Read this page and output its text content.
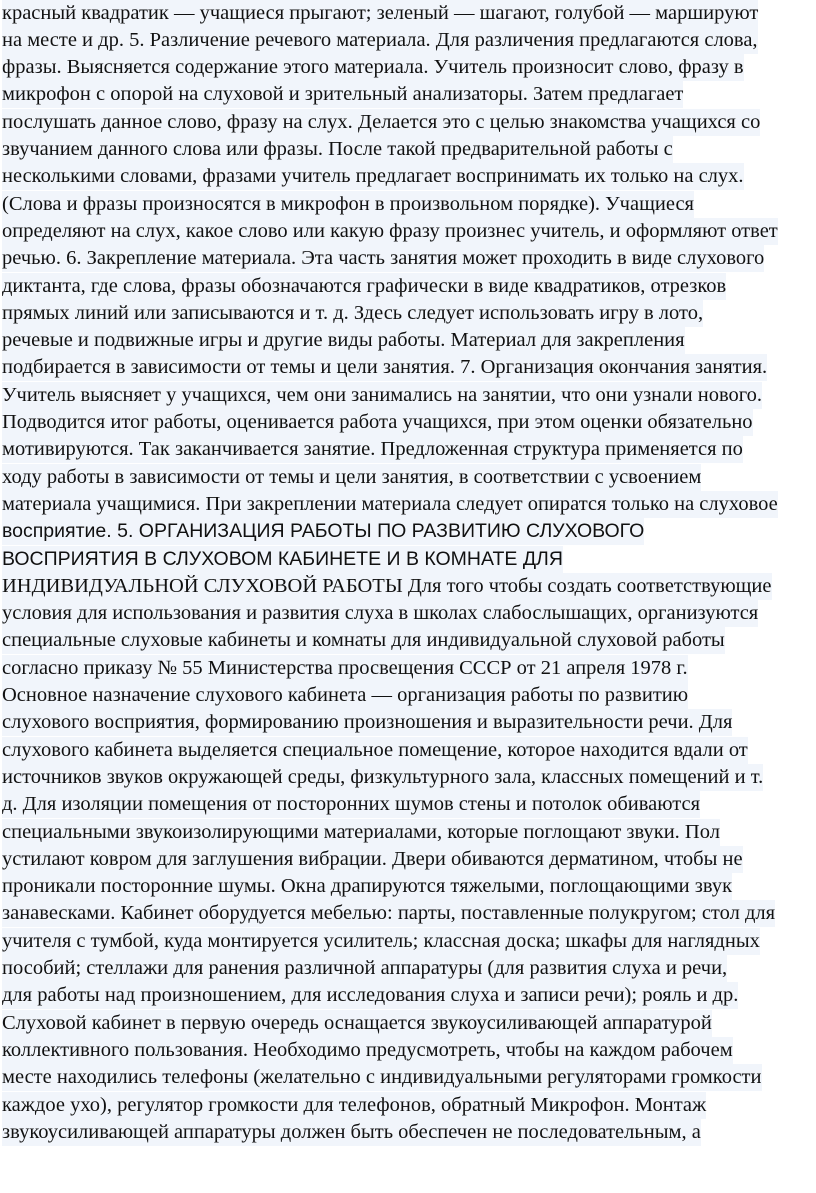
красный квадратик — учащиеся прыгают; зеленый — шагают, голубой — маршируют
на месте и др. 5. Различение речевого материала. Для различения предлагаются слова,
фразы. Выясняется содержание этого материала. Учитель произносит слово, фразу в
микрофон с опорой на слуховой и зрительный анализаторы. Затем предлагает
послушать данное слово, фразу на слух. Делается это с целью знакомства учащихся со
звучанием данного слова или фразы. После такой предварительной работы с
несколькими словами, фразами учитель предлагает воспринимать их только на слух.
(Слова и фразы произносятся в микрофон в произвольном порядке). Учащиеся
определяют на слух, какое слово или какую фразу произнес учитель, и оформляют ответ
речью. 6. Закрепление материала. Эта часть занятия может проходить в виде слухового
диктанта, где слова, фразы обозначаются графически в виде квадратиков, отрезков
прямых линий или записываются и т. д. Здесь следует использовать игру в лото,
речевые и подвижные игры и другие виды работы. Материал для закрепления
подбирается в зависимости от темы и цели занятия. 7. Организация окончания занятия.
Учитель выясняет у учащихся, чем они занимались на занятии, что они узнали нового.
Подводится итог работы, оценивается работа учащихся, при этом оценки обязательно
мотивируются. Так заканчивается занятие. Предложенная структура применяется по
ходу работы в зависимости от темы и цели занятия, в соответствии с усвоением
материала учащимися. При закреплении материала следует опиратся только на слуховое
восприятие. 5. ОРГАНИЗАЦИЯ РАБОТЫ ПО РАЗВИТИЮ СЛУХОВОГО
ВОСПРИЯТИЯ В СЛУХОВОМ КАБИНЕТЕ И В КОМНАТЕ ДЛЯ
ИНДИВИДУАЛЬНОЙ СЛУХОВОЙ РАБОТЫ Для того чтобы создать соответствующие
условия для использования и развития слуха в школах слабослышащих, организуются
специальные слуховые кабинеты и комнаты для индивидуальной слуховой работы
согласно приказу № 55 Министерства просвещения СССР от 21 апреля 1978 г.
Основное назначение слухового кабинета — организация работы по развитию
слухового восприятия, формированию произношения и выразительности речи. Для
слухового кабинета выделяется специальное помещение, которое находится вдали от
источников звуков окружающей среды, физкультурного зала, классных помещений и т.
д. Для изоляции помещения от посторонних шумов стены и потолок обиваются
специальными звукоизолирующими материалами, которые поглощают звуки. Пол
устилают ковром для заглушения вибрации. Двери обиваются дерматином, чтобы не
проникали посторонние шумы. Окна драпируются тяжелыми, поглощающими звук
занавесками. Кабинет оборудуется мебелью: парты, поставленные полукругом; стол для
учителя с тумбой, куда монтируется усилитель; классная доска; шкафы для наглядных
пособий; стеллажи для ранения различной аппаратуры (для развития слуха и речи,
для работы над произношением, для исследования слуха и записи речи); рояль и др.
Слуховой кабинет в первую очередь оснащается звукоусиливающей аппаратурой
коллективного пользования. Необходимо предусмотреть, чтобы на каждом рабочем
месте находились телефоны (желательно с индивидуальными регуляторами громкости
каждое ухо), регулятор громкости для телефонов, обратный Микрофон. Монтаж
звукоусиливающей аппаратуры должен быть обеспечен не последовательным, а
